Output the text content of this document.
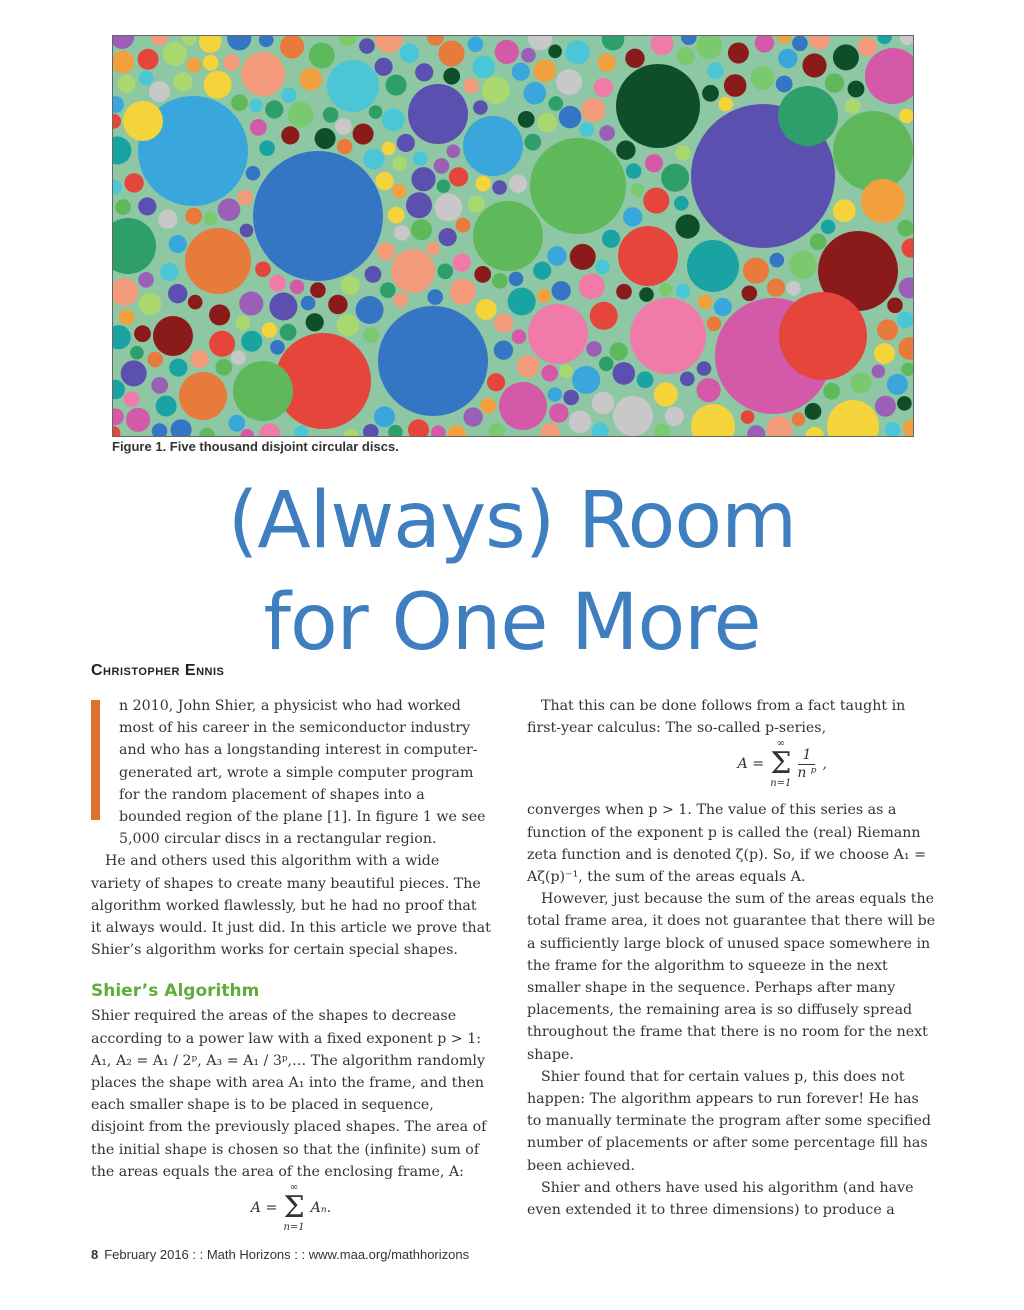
Figure 1. Five thousand disjoint circular discs.
(Always) Room
for One More
Christopher Ennis

n 2010, John Shier, a physicist who had worked most of his career in the semiconductor industry and who has a longstanding interest in computer-generated art, wrote a simple computer program for the random placement of shapes into a bounded region of the plane [1]. In figure 1 we see 5,000 circular discs in a rectangular region.

He and others used this algorithm with a wide variety of shapes to create many beautiful pieces. The algorithm worked flawlessly, but he had no proof that it always would. It just did. In this article we prove that Shier’s algorithm works for certain special shapes.

Shier’s Algorithm

Shier required the areas of the shapes to decrease according to a power law with a fixed exponent p > 1: A₁, A₂ = A₁ / 2ᵖ, A₃ = A₁ / 3ᵖ,… The algorithm randomly places the shape with area A₁ into the frame, and then each smaller shape is to be placed in sequence, disjoint from the previously placed shapes. The area of the initial shape is chosen so that the (infinite) sum of the areas equals the area of the enclosing frame, A:

A =
∞
Σ
n=1
Aₙ.

That this can be done follows from a fact taught in first-year calculus: The so-called p-series,

A =
∞
Σ
n=1
$\frac{1}{\text{n ᵖ}}$ ,

converges when p > 1. The value of this series as a function of the exponent p is called the (real) Riemann zeta function and is denoted ζ(p). So, if we choose A₁ = Aζ(p)⁻¹, the sum of the areas equals A.

However, just because the sum of the areas equals the total frame area, it does not guarantee that there will be a sufficiently large block of unused space somewhere in the frame for the algorithm to squeeze in the next smaller shape in the sequence. Perhaps after many placements, the remaining area is so diffusely spread throughout the frame that there is no room for the next shape.

Shier found that for certain values p, this does not happen: The algorithm appears to run forever! He has to manually terminate the program after some specified number of placements or after some percentage fill has been achieved.

Shier and others have used his algorithm (and have even extended it to three dimensions) to produce a

8 February 2016 : : Math Horizons : : www.maa.org/mathhorizons
